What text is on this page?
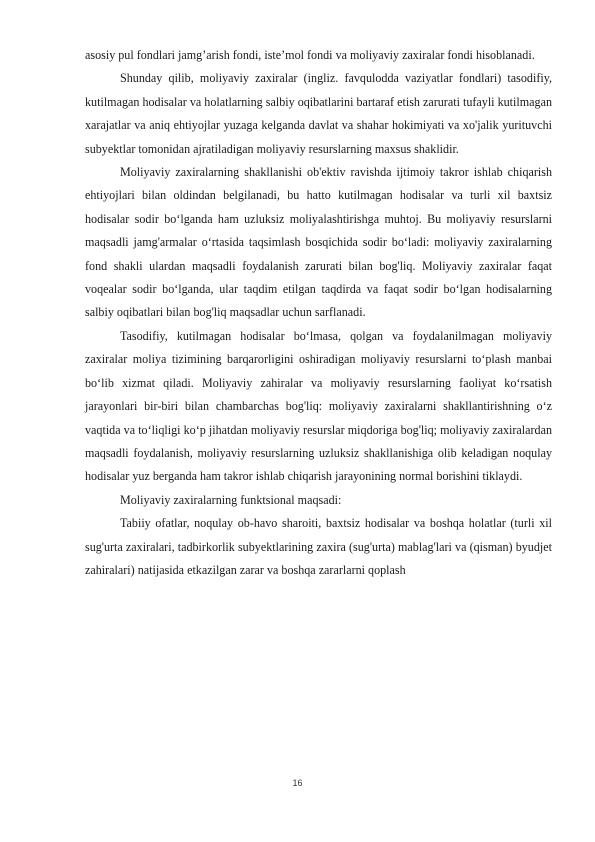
asosiy pul fondlari jamg’arish fondi, iste’mol fondi va moliyaviy zaxiralar fondi hisoblanadi.

Shunday qilib, moliyaviy zaxiralar (ingliz. favqulodda vaziyatlar fondlari) tasodifiy, kutilmagan hodisalar va holatlarning salbiy oqibatlarini bartaraf etish zarurati tufayli kutilmagan xarajatlar va aniq ehtiyojlar yuzaga kelganda davlat va shahar hokimiyati va xo'jalik yurituvchi subyektlar tomonidan ajratiladigan moliyaviy resurslarning maxsus shaklidir.

Moliyaviy zaxiralarning shakllanishi ob'ektiv ravishda ijtimoiy takror ishlab chiqarish ehtiyojlari bilan oldindan belgilanadi, bu hatto kutilmagan hodisalar va turli xil baxtsiz hodisalar sodir bo‘lganda ham uzluksiz moliyalashtirishga muhtoj. Bu moliyaviy resurslarni maqsadli jamg'armalar o‘rtasida taqsimlash bosqichida sodir bo‘ladi: moliyaviy zaxiralarning fond shakli ulardan maqsadli foydalanish zarurati bilan bog'liq. Moliyaviy zaxiralar faqat voqealar sodir bo‘lganda, ular taqdim etilgan taqdirda va faqat sodir bo‘lgan hodisalarning salbiy oqibatlari bilan bog'liq maqsadlar uchun sarflanadi.

Tasodifiy, kutilmagan hodisalar bo‘lmasa, qolgan va foydalanilmagan moliyaviy zaxiralar moliya tizimining barqarorligini oshiradigan moliyaviy resurslarni to‘plash manbai bo‘lib xizmat qiladi. Moliyaviy zahiralar va moliyaviy resurslarning faoliyat ko‘rsatish jarayonlari bir-biri bilan chambarchas bog'liq: moliyaviy zaxiralarni shakllantirishning o‘z vaqtida va to‘liqligi ko‘p jihatdan moliyaviy resurslar miqdoriga bog'liq; moliyaviy zaxiralardan maqsadli foydalanish, moliyaviy resurslarning uzluksiz shakllanishiga olib keladigan noqulay hodisalar yuz berganda ham takror ishlab chiqarish jarayonining normal borishini tiklaydi.

Moliyaviy zaxiralarning funktsional maqsadi:

Tabiiy ofatlar, noqulay ob-havo sharoiti, baxtsiz hodisalar va boshqa holatlar (turli xil sug'urta zaxiralari, tadbirkorlik subyektlarining zaxira (sug'urta) mablag'lari va (qisman) byudjet zahiralari) natijasida etkazilgan zarar va boshqa zararlarni qoplash

16
